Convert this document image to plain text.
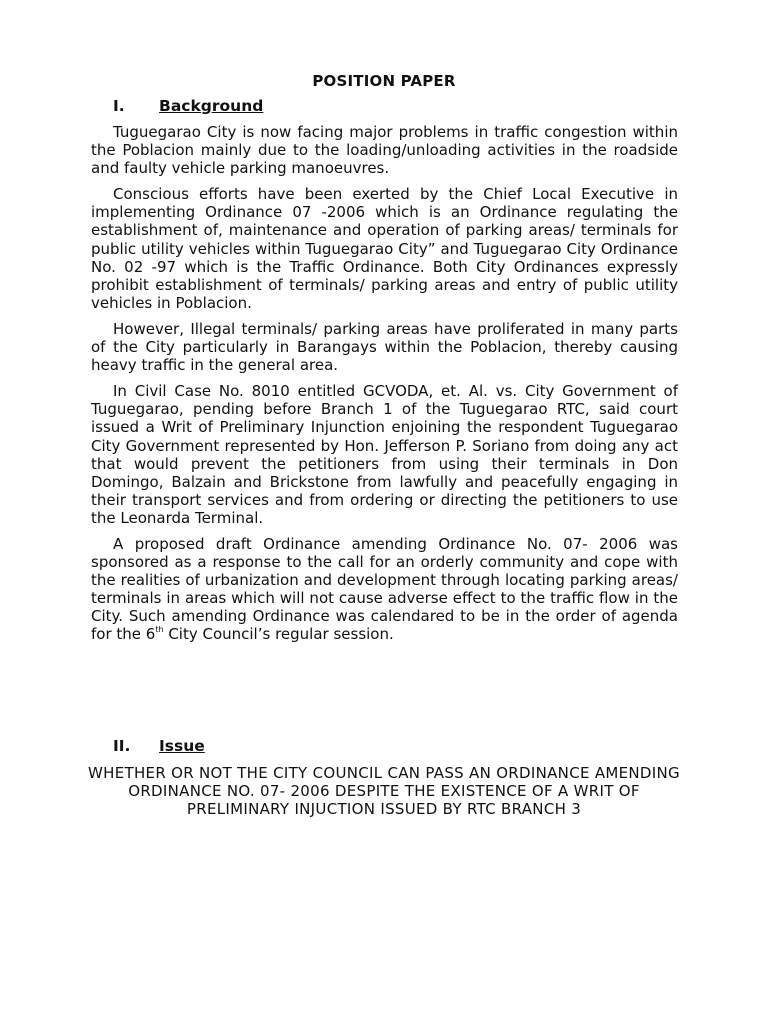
POSITION PAPER
I. Background

Tuguegarao City is now facing major problems in traffic congestion within the Poblacion mainly due to the loading/unloading activities in the roadside and faulty vehicle parking manoeuvres.

Conscious efforts have been exerted by the Chief Local Executive in implementing Ordinance 07 -2006 which is an Ordinance regulating the establishment of, maintenance and operation of parking areas/ terminals for public utility vehicles within Tuguegarao City” and Tuguegarao City Ordinance No. 02 -97 which is the Traffic Ordinance. Both City Ordinances expressly prohibit establishment of terminals/ parking areas and entry of public utility vehicles in Poblacion.

However, Illegal terminals/ parking areas have proliferated in many parts of the City particularly in Barangays within the Poblacion, thereby causing heavy traffic in the general area.

In Civil Case No. 8010 entitled GCVODA, et. Al. vs. City Government of Tuguegarao, pending before Branch 1 of the Tuguegarao RTC, said court issued a Writ of Preliminary Injunction enjoining the respondent Tuguegarao City Government represented by Hon. Jefferson P. Soriano from doing any act that would prevent the petitioners from using their terminals in Don Domingo, Balzain and Brickstone from lawfully and peacefully engaging in their transport services and from ordering or directing the petitioners to use the Leonarda Terminal.

A proposed draft Ordinance amending Ordinance No. 07- 2006 was sponsored as a response to the call for an orderly community and cope with the realities of urbanization and development through locating parking areas/ terminals in areas which will not cause adverse effect to the traffic flow in the City. Such amending Ordinance was calendared to be in the order of agenda for the 6th City Council’s regular session.

II. Issue
WHETHER OR NOT THE CITY COUNCIL CAN PASS AN ORDINANCE AMENDING ORDINANCE NO. 07- 2006 DESPITE THE EXISTENCE OF A WRIT OF PRELIMINARY INJUCTION ISSUED BY RTC BRANCH 3
